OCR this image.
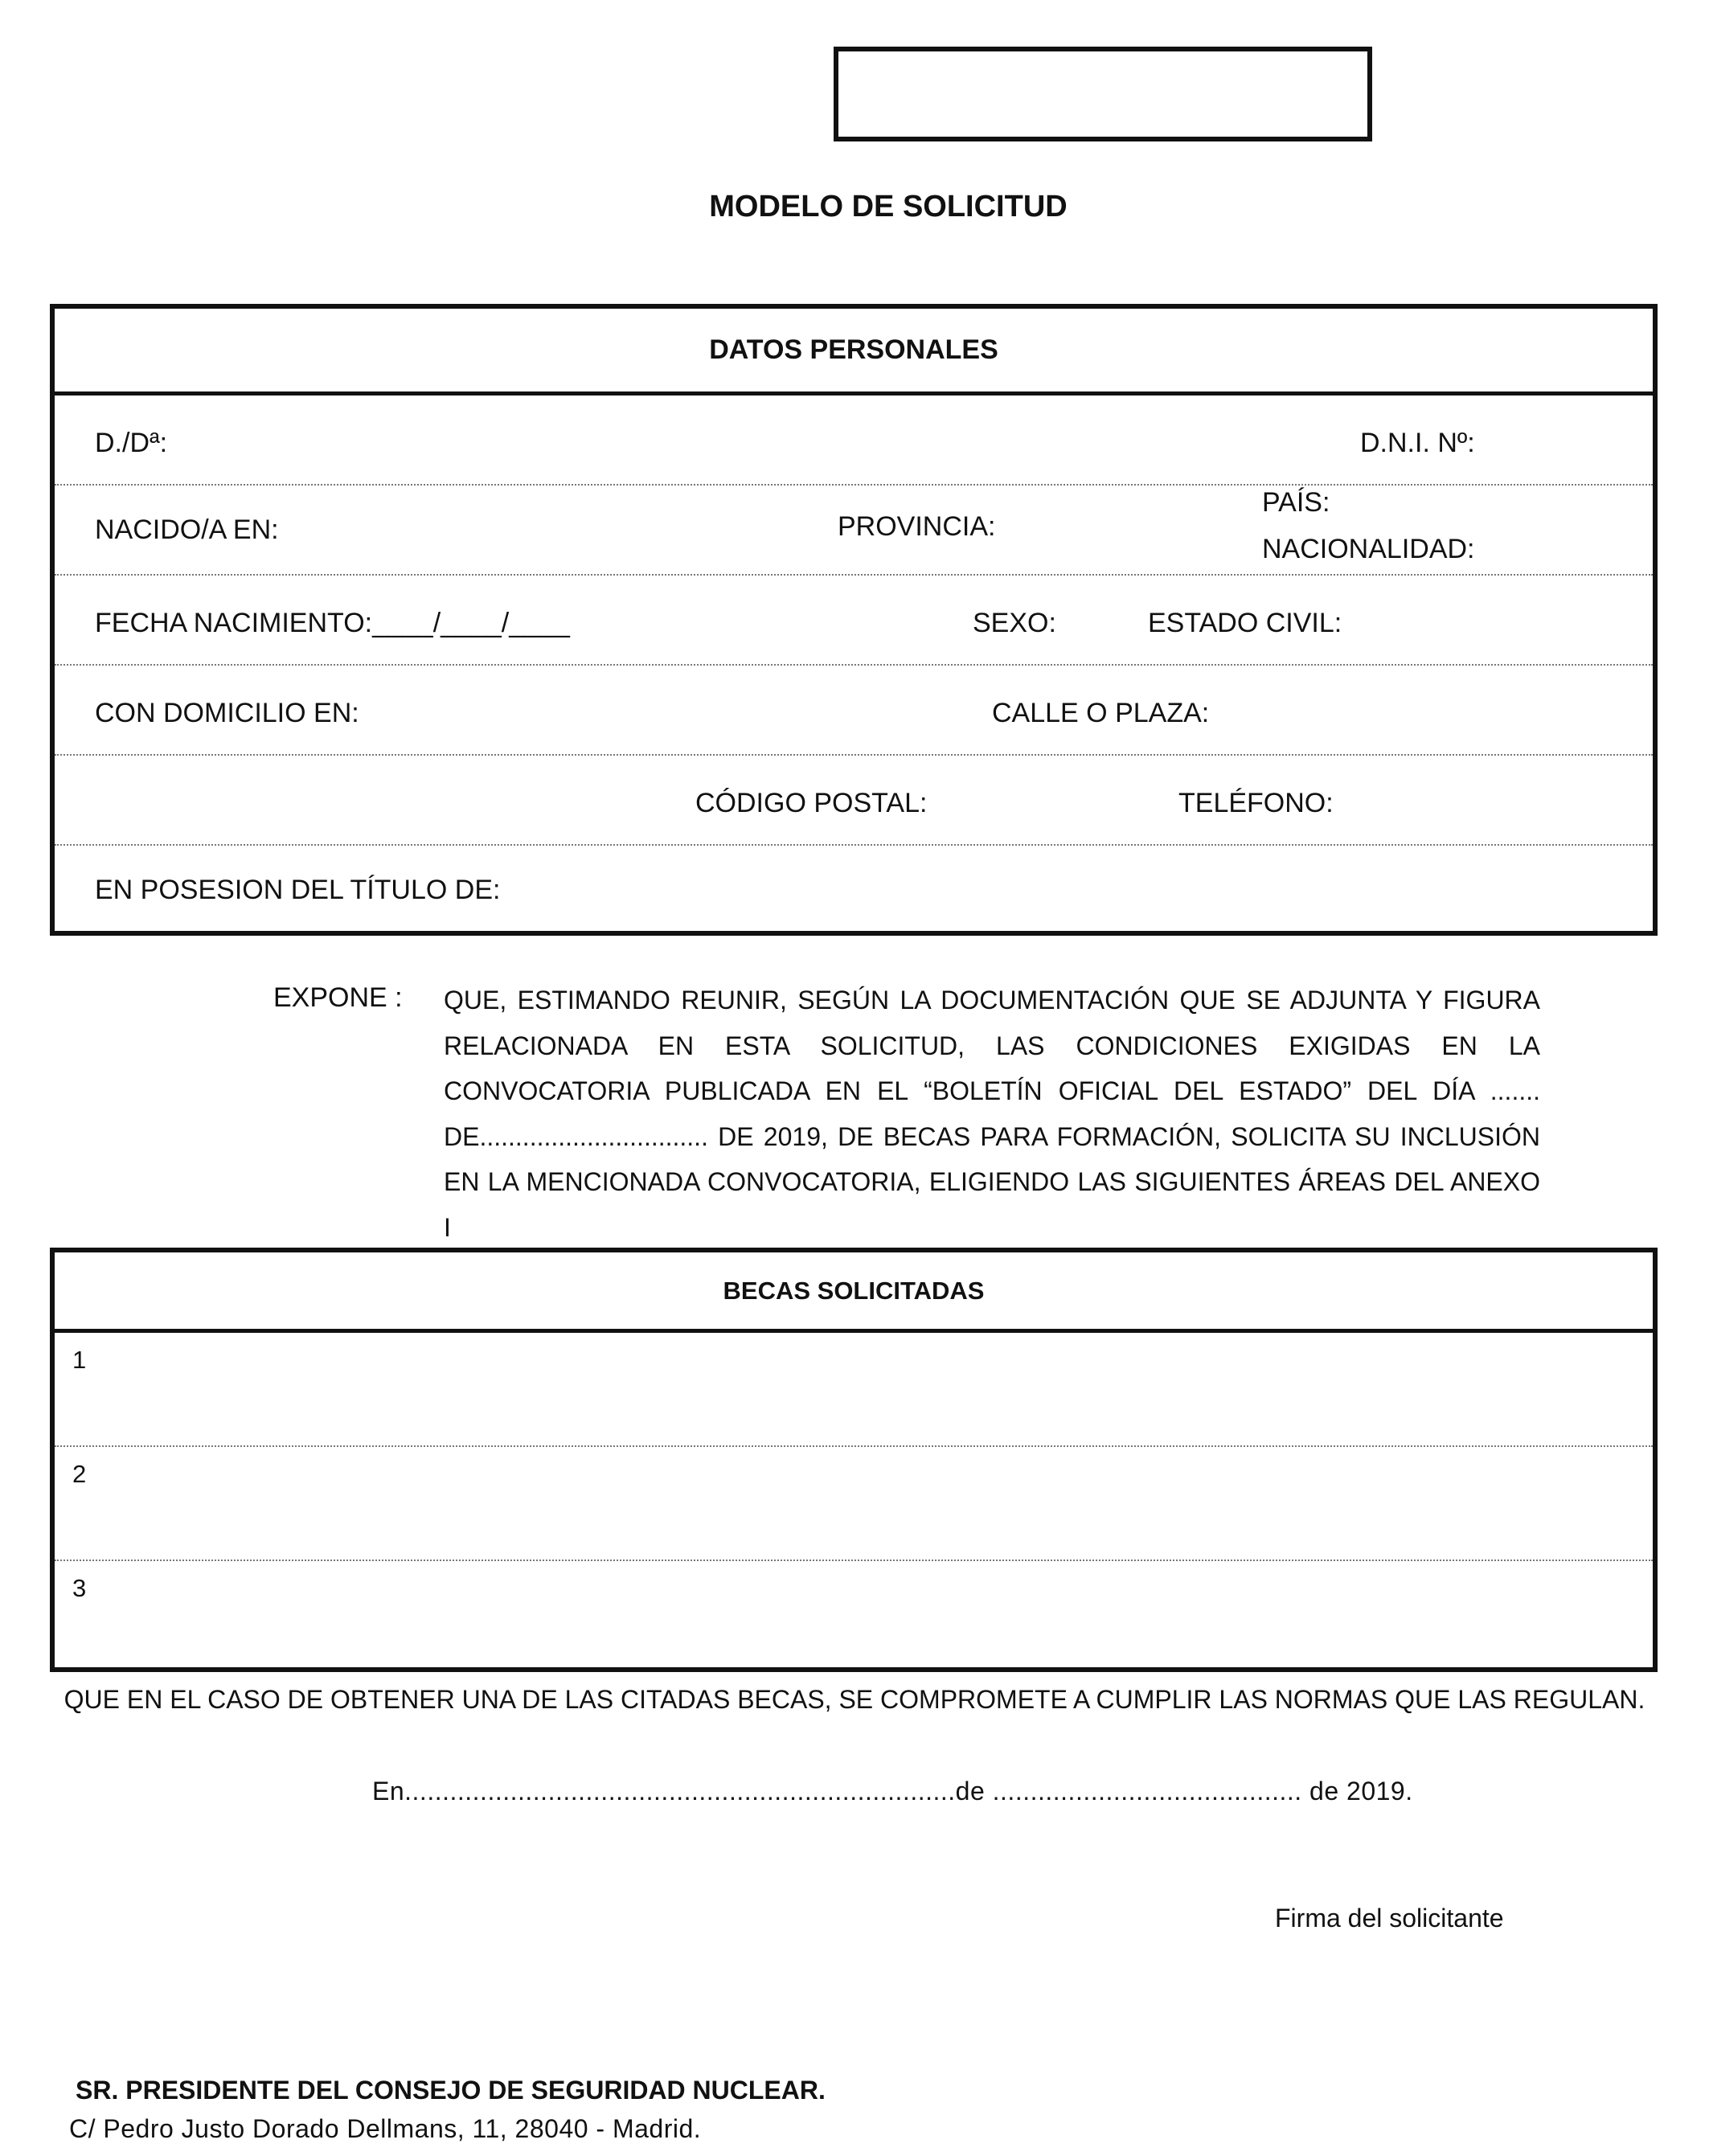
MODELO DE SOLICITUD
DATOS PERSONALES
D./Dª:	D.N.I. Nº:
NACIDO/A EN:	PROVINCIA:
PAÍS:
NACIONALIDAD:
FECHA NACIMIENTO:____/____/____	SEXO:	ESTADO CIVIL:
CON DOMICILIO EN:	CALLE O PLAZA:
CÓDIGO POSTAL:	TELÉFONO:
EN POSESION DEL TÍTULO DE:
EXPONE : QUE, ESTIMANDO REUNIR, SEGÚN LA DOCUMENTACIÓN QUE SE ADJUNTA Y FIGURA RELACIONADA EN ESTA SOLICITUD, LAS CONDICIONES EXIGIDAS EN LA CONVOCATORIA PUBLICADA EN EL “BOLETÍN OFICIAL DEL ESTADO” DEL DÍA ....... DE................................ DE 2019, DE BECAS PARA FORMACIÓN, SOLICITA SU INCLUSIÓN EN LA MENCIONADA CONVOCATORIA, ELIGIENDO LAS SIGUIENTES ÁREAS DEL ANEXO I
BECAS SOLICITADAS
1
2
3
QUE EN EL CASO DE OBTENER UNA DE LAS CITADAS BECAS, SE COMPROMETE A CUMPLIR LAS NORMAS QUE LAS REGULAN.
En.........................................................................de ......................................... de 2019.
Firma del solicitante
SR. PRESIDENTE DEL CONSEJO DE SEGURIDAD NUCLEAR.
C/ Pedro Justo Dorado Dellmans, 11, 28040 - Madrid.
